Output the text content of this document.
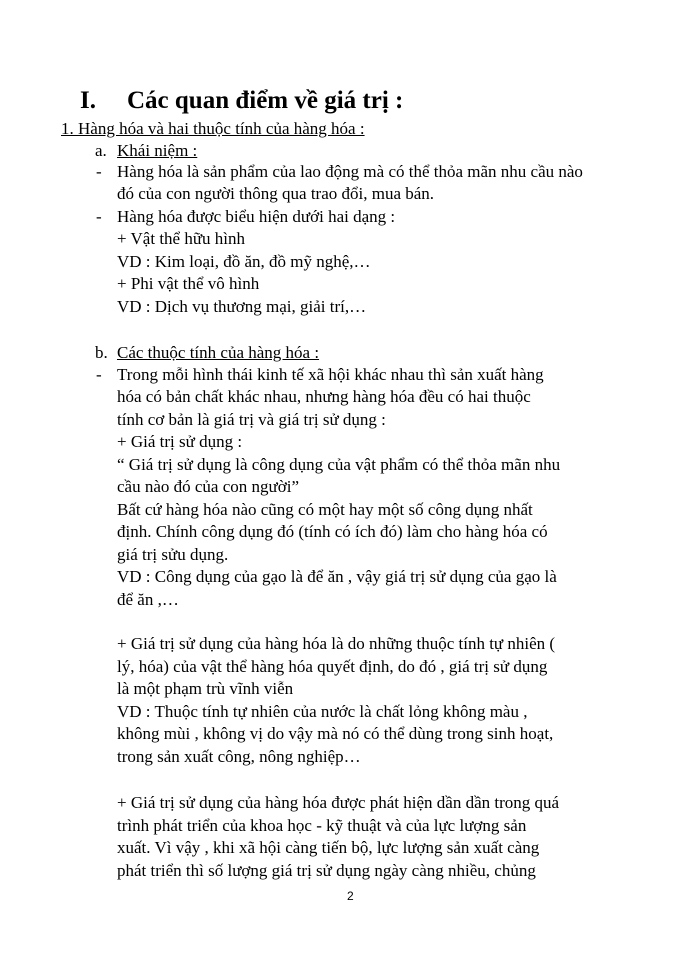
I. Các quan điểm về giá trị :
1. Hàng hóa và hai thuộc tính của hàng hóa :
a. Khái niệm :
- Hàng hóa là sản phẩm của lao động mà có thể thỏa mãn nhu cầu nào
đó của con người thông qua trao đổi, mua bán.
- Hàng hóa được biểu hiện dưới hai dạng :
+ Vật thể hữu hình
VD : Kim loại, đồ ăn, đồ mỹ nghệ,…
+ Phi vật thể vô hình
VD : Dịch vụ thương mại, giải trí,…
b. Các thuộc tính của hàng hóa :
- Trong mỗi hình thái kinh tế xã hội khác nhau thì sản xuất hàng
hóa có bản chất khác nhau, nhưng hàng hóa đều có hai thuộc
tính cơ bản là giá trị và giá trị sử dụng :
+ Giá trị sử dụng :
“ Giá trị sử dụng là công dụng của vật phẩm có thể thỏa mãn nhu
cầu nào đó của con người”
Bất cứ hàng hóa nào cũng có một hay một số công dụng nhất
định. Chính công dụng đó (tính có ích đó) làm cho hàng hóa có
giá trị sửu dụng.
VD : Công dụng của gạo là để ăn , vậy giá trị sử dụng của gạo là
để ăn ,…
+ Giá trị sử dụng của hàng hóa là do những thuộc tính tự nhiên (
lý, hóa) của vật thể hàng hóa quyết định, do đó , giá trị sử dụng
là một phạm trù vĩnh viễn
VD : Thuộc tính tự nhiên của nước là chất lỏng không màu ,
không mùi , không vị do vậy mà nó có thể dùng trong sinh hoạt,
trong sản xuất công, nông nghiệp…
+ Giá trị sử dụng của hàng hóa được phát hiện dần dần trong quá
trình phát triển của khoa học - kỹ thuật và của lực lượng sản
xuất. Vì vậy , khi xã hội càng tiến bộ, lực lượng sản xuất càng
phát triển thì số lượng giá trị sử dụng ngày càng nhiều, chủng
2
